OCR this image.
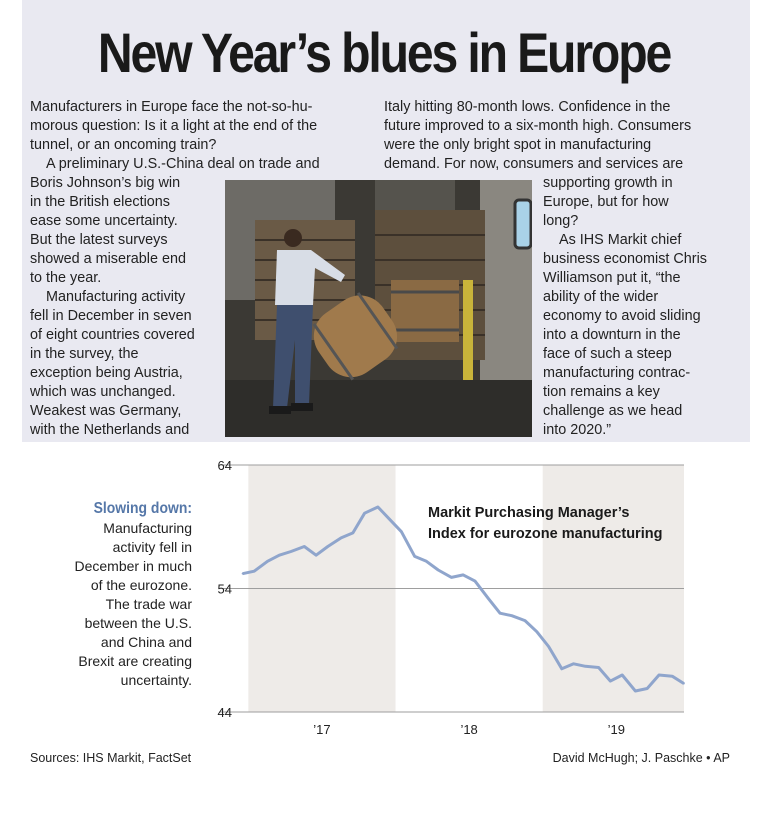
New Year’s blues in Europe

Manufacturers in Europe face the not-so-hu-

morous question: Is it a light at the end of the

tunnel, or an oncoming train?

A preliminary U.S.-China deal on trade and

Boris Johnson’s big win

in the British elections

ease some uncertainty.

But the latest surveys

showed a miserable end

to the year.

Manufacturing activity

fell in December in seven

of eight countries covered

in the survey, the

exception being Austria,

which was unchanged.

Weakest was Germany,

with the Netherlands and

Italy hitting 80-month lows. Confidence in the

future improved to a six-month high. Consumers

were the only bright spot in manufacturing

demand. For now, consumers and services are

supporting growth in

Europe, but for how

long?

As IHS Markit chief

business economist Chris

Williamson put it, “the

ability of the wider

economy to avoid sliding

into a downturn in the

face of such a steep

manufacturing contrac-

tion remains a key

challenge as we head

into 2020.”

Slowing down:
Manufacturing
activity fell in
December in much
of the eurozone.
The trade war
between the U.S.
and China and
Brexit are creating
uncertainty.
44
54
64
’17	’18	’19
Markit Purchasing Manager’s Index for eurozone manufacturing
Sources: IHS Markit, FactSet	David McHugh; J. Paschke • AP
